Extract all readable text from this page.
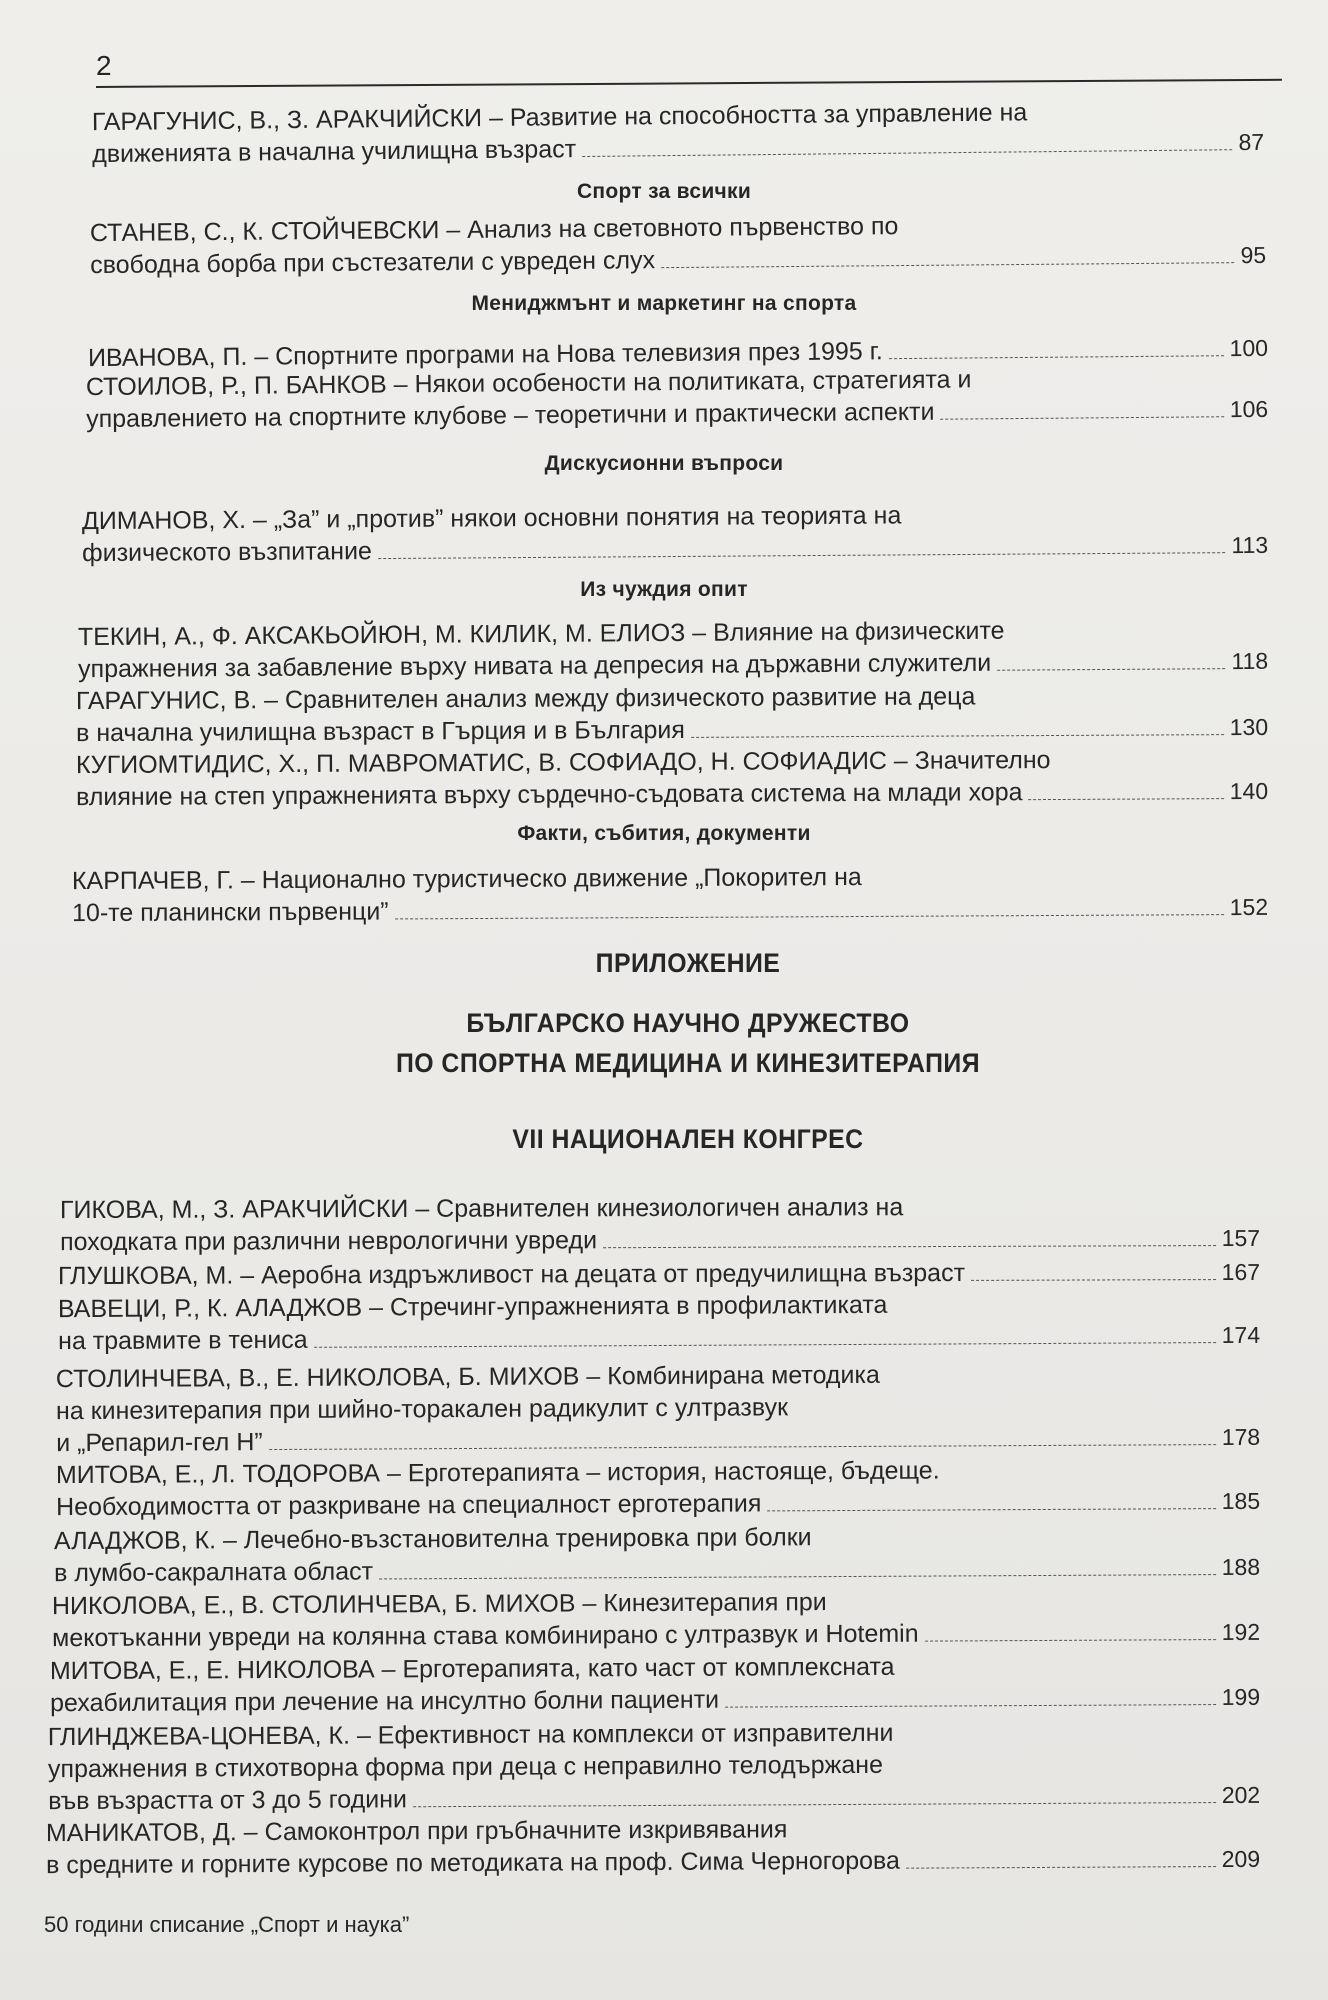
2
ГАРАГУНИС, В., З. АРАКЧИЙСКИ – Развитие на способността за управление на
движенията в начална училищна възраст	87
Спорт за всички
СТАНЕВ, С., К. СТОЙЧЕВСКИ – Анализ на световното първенство по
свободна борба при състезатели с увреден слух	95
Мениджмънт и маркетинг на спорта
ИВАНОВА, П. – Спортните програми на Нова телевизия през 1995 г.	100
СТОИЛОВ, Р., П. БАНКОВ – Някои особености на политиката, стратегията и
управлението на спортните клубове – теоретични и практически аспекти	106
Дискусионни въпроси
ДИМАНОВ, Х. – „За” и „против” някои основни понятия на теорията на
физическото възпитание	113
Из чуждия опит
ТЕКИН, А., Ф. АКСАКЬОЙЮН, М. КИЛИК, М. ЕЛИОЗ – Влияние на физическите
упражнения за забавление върху нивата на депресия на държавни служители	118
ГАРАГУНИС, В. – Сравнителен анализ между физическото развитие на деца
в начална училищна възраст в Гърция и в България	130
КУГИОМТИДИС, Х., П. МАВРОМАТИС, В. СОФИАДО, Н. СОФИАДИС – Значително
влияние на степ упражненията върху сърдечно-съдовата система на млади хора	140
Факти, събития, документи
КАРПАЧЕВ, Г. – Национално туристическо движение „Покорител на
10-те планински първенци”	152
ПРИЛОЖЕНИЕ
БЪЛГАРСКО НАУЧНО ДРУЖЕСТВО
ПО СПОРТНА МЕДИЦИНА И КИНЕЗИТЕРАПИЯ
VII НАЦИОНАЛЕН КОНГРЕС
ГИКОВА, М., З. АРАКЧИЙСКИ – Сравнителен кинезиологичен анализ на
походката при различни неврологични увреди	157
ГЛУШКОВА, М. – Аеробна издръжливост на децата от предучилищна възраст	167
ВАВЕЦИ, Р., К. АЛАДЖОВ – Стречинг-упражненията в профилактиката
на травмите в тениса	174
СТОЛИНЧЕВА, В., Е. НИКОЛОВА, Б. МИХОВ – Комбинирана методика
на кинезитерапия при шийно-торакален радикулит с ултразвук
и „Репарил-гел Н”	178
МИТОВА, Е., Л. ТОДОРОВА – Ерготерапията – история, настояще, бъдеще.
Необходимостта от разкриване на специалност ерготерапия	185
АЛАДЖОВ, К. – Лечебно-възстановителна тренировка при болки
в лумбо-сакралната област	188
НИКОЛОВА, Е., В. СТОЛИНЧЕВА, Б. МИХОВ – Кинезитерапия при
мекотъканни увреди на колянна става комбинирано с ултразвук и Hotemin	192
МИТОВА, Е., Е. НИКОЛОВА – Ерготерапията, като част от комплексната
рехабилитация при лечение на инсултно болни пациенти	199
ГЛИНДЖЕВА-ЦОНЕВА, К. – Ефективност на комплекси от изправителни
упражнения в стихотворна форма при деца с неправилно телодържане
във възрастта от 3 до 5 години	202
МАНИКАТОВ, Д. – Самоконтрол при гръбначните изкривявания
в средните и горните курсове по методиката на проф. Сима Черногорова	209
50 години списание „Спорт и наука”
